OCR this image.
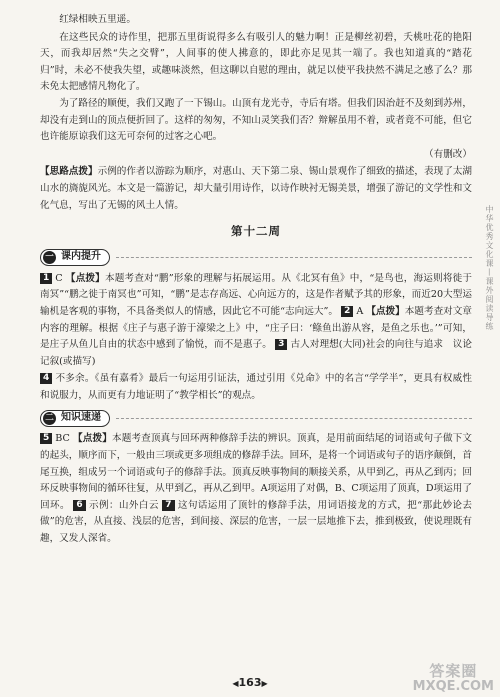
红绿相映五里遥。

在这些民众的诗作里，把那五里街说得多么有吸引人的魅力啊！正是柳丝初碧，夭桃吐花的艳阳天，而我却居然“失之交臂”，人间事的使人拂意的，即此亦足见其一端了。我也知道真的“踏花归”时，未必不使我失望，或趣味淡然，但这聊以自慰的理由，就足以使平我抉然不满足之感了么？那未免太把感情凡物化了。

为了路径的顺便，我们又跑了一下锡山。山顶有龙光寺，寺后有塔。但我们因治赶不及刻到苏州，却没有走到山的顶点便折回了。这样的匆匆，不知山灵笑我们否？辩解虽用不着，或者竟不可能，但它也许能原谅我们这无可奈何的过客之心吧。

（有删改）

【思路点拨】示例的作者以游踪为顺序，对惠山、天下第二泉、锡山景观作了细致的描述，表现了太湖山水的旖旎风光。本文是一篇游记，却大量引用诗作，以诗作映衬无锡美景，增强了游记的文学性和文化气息，写出了无锡的风土人情。

第十二周
一 课内提升

1 C 【点拨】本题考查对“鹏”形象的理解与拓展运用。从《北冥有鱼》中，“是鸟也，海运则将徙于南冥”“鹏之徙于南冥也”可知，“鹏”是志存高远、心向远方的，这是作者赋予其的形象，而近20大型运输机是客观的事物，不具备类似人的情感，因此它不可能“志向远大”。 2 A 【点拨】本题考查对文章内容的理解。根据《庄子与惠子游于濠梁之上》中，“庄子曰：‘鲦鱼出游从容，是鱼之乐也。’”可知，是庄子从鱼儿自由的状态中感到了愉悦，而不是惠子。 3 古人对理想(大同)社会的向往与追求　议论　记叙(或描写)

4 不多余。《虽有嘉肴》最后一句运用引证法，通过引用《兑命》中的名言“学学半”，更具有权威性和说服力，从而更有力地证明了“教学相长”的观点。

二 知识速递

5 BC 【点拨】本题考查顶真与回环两种修辞手法的辨识。顶真，是用前面结尾的词语或句子做下文的起头，顺序而下，一般由三项或更多项组成的修辞手法。回环，是将一个词语或句子的语序颠倒，首尾互换，组成另一个词语或句子的修辞手法。顶真反映事物间的顺接关系，从甲到乙，再从乙到丙；回环反映事物间的循环往复，从甲到乙，再从乙到甲。A项运用了对偶，B、C项运用了顶真，D项运用了回环。 6 示例：山外白云 7 这句话运用了顶针的修辞手法，用词语接龙的方式，把“那此妙论去做”的危害，从直接、浅层的危害，到间接、深层的危害，一层一层地推下去，推到极致，使说理既有趣，又发人深省。

中华优秀文化课—课外阅读导练
◀163▶
答案圈
MXQE.COM
